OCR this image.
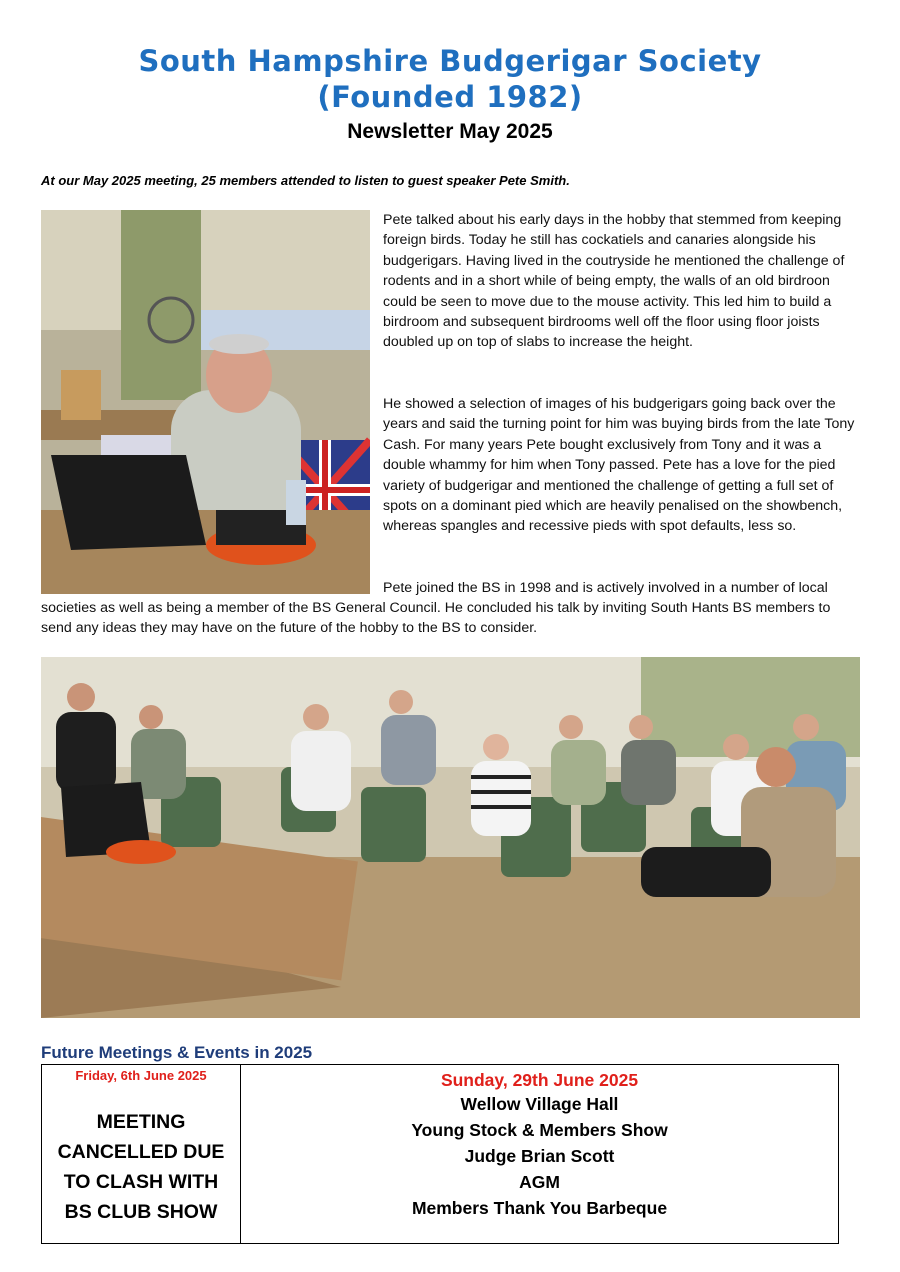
South Hampshire Budgerigar Society
(Founded 1982)
Newsletter May 2025
At our May 2025 meeting, 25 members attended to listen to guest speaker Pete Smith.
Pete talked about his early days in the hobby that stemmed from keeping foreign birds. Today he still has cockatiels and canaries alongside his budgerigars. Having lived in the coutryside he mentioned the challenge of rodents and in a short while of being empty, the walls of an old birdroon could be seen to move due to the mouse activity. This led him to build a birdroom and subsequent birdrooms well off the floor using floor joists doubled up on top of slabs to increase the height.
He showed a selection of images of his budgerigars going back over the years and said the turning point for him was buying birds from the late Tony Cash. For many years Pete bought exclusively from Tony and it was a double whammy for him when Tony passed. Pete has a love for the pied variety of budgerigar and mentioned the challenge of getting a full set of spots on a dominant pied which are heavily penalised on the showbench, whereas spangles and recessive pieds with spot defaults, less so.
Pete joined the BS in 1998 and is actively involved in a number of local
societies as well as being a member of the BS General Council. He concluded his talk by inviting South Hants BS members to send any ideas they may have on the future of the hobby to the BS to consider.
Future Meetings & Events in 2025
Friday, 6th June 2025
MEETING
CANCELLED DUE
TO CLASH WITH
BS CLUB SHOW
Sunday, 29th June 2025
Wellow Village Hall
Young Stock & Members Show
Judge Brian Scott
AGM
Members Thank You Barbeque
